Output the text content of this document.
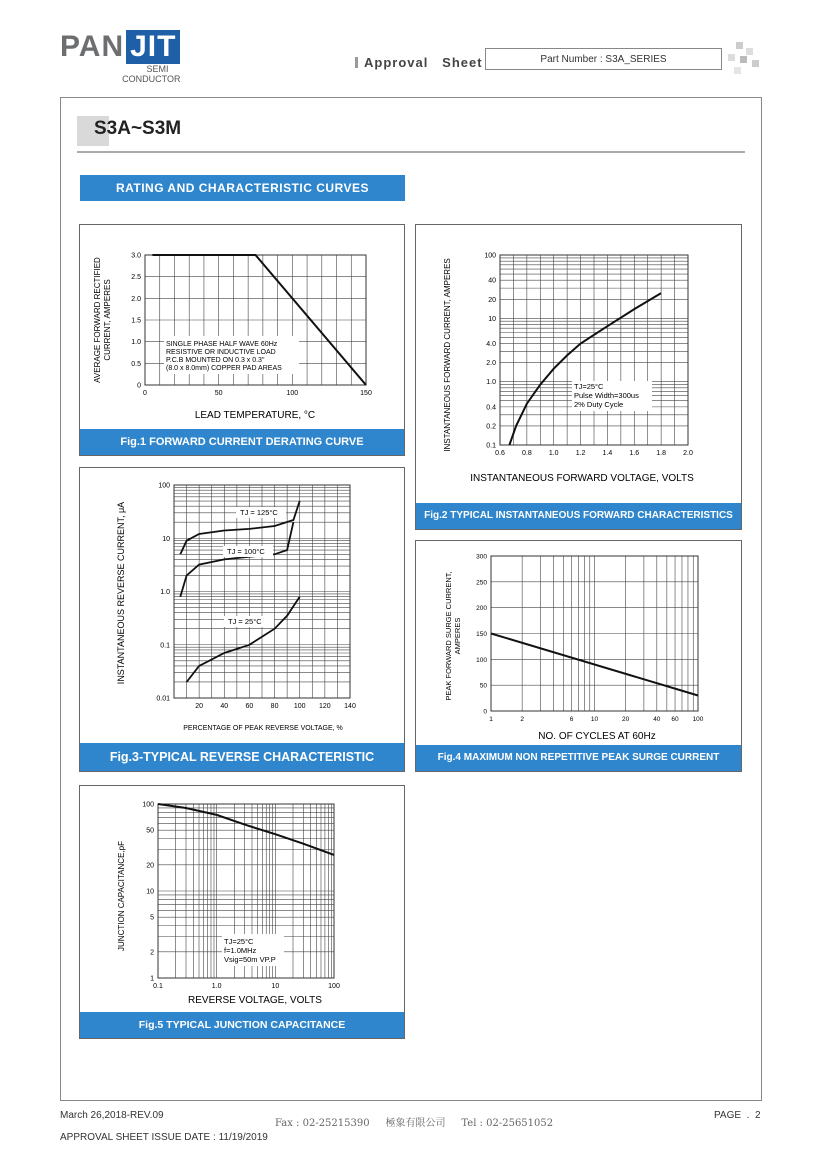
PAN JIT
SEMI
CONDUCTOR
Approval   Sheet	Part Number : S3A_SERIES
S3A~S3M
RATING AND CHARACTERISTIC CURVES
AVERAGE FORWARD RECTIFIED CURRENT, AMPERES
LEAD TEMPERATURE, °C
0	50	100	150
0
0.5
1.0
1.5
2.0
2.5
3.0
SINGLE PHASE HALF WAVE 60Hz
RESISTIVE OR INDUCTIVE LOAD
P.C.B MOUNTED ON 0.3 x 0.3"
(8.0 x 8.0mm) COPPER PAD AREAS
Fig.1 FORWARD CURRENT DERATING CURVE	INSTANTANEOUS FORWARD CURRENT, AMPERES
INSTANTANEOUS FORWARD VOLTAGE, VOLTS
0.6 0.8 1.0 1.2 1.4 1.6 1.8 2.0
0.1
0.2
0.4
1.0
2.0
4.0
10
20
40
100
TJ=25°C
Pulse Width=300us
2% Duty Cycle
Fig.2 TYPICAL INSTANTANEOUS FORWARD CHARACTERISTICS
INSTANTANEOUS REVERSE CURRENT, μA
PERCENTAGE OF PEAK REVERSE VOLTAGE, %
20 40 60 80 100 120 140
0.01
0.1
1.0
10
100
TJ = 125°C
TJ = 100°C
TJ = 25°C
Fig.3-TYPICAL REVERSE CHARACTERISTIC
PEAK FORWARD SURGE CURRENT, AMPERES
NO. OF CYCLES AT 60Hz
1	2	6	10	20	40 60 100
0
50
100
150
200
250
300
Fig.4 MAXIMUM NON REPETITIVE PEAK SURGE CURRENT
JUNCTION CAPACITANCE,pF
REVERSE VOLTAGE, VOLTS
0.1	1.0	10	100
1
2
5
10
20
50
100
TJ=25°C
f=1.0MHz
Vsig=50m VP.P
Fig.5 TYPICAL JUNCTION CAPACITANCE
March 26,2018-REV.09
Fax : 02-25215390     極象有限公司     Tel : 02-25651052
PAGE  .  2
APPROVAL SHEET ISSUE DATE : 11/19/2019
